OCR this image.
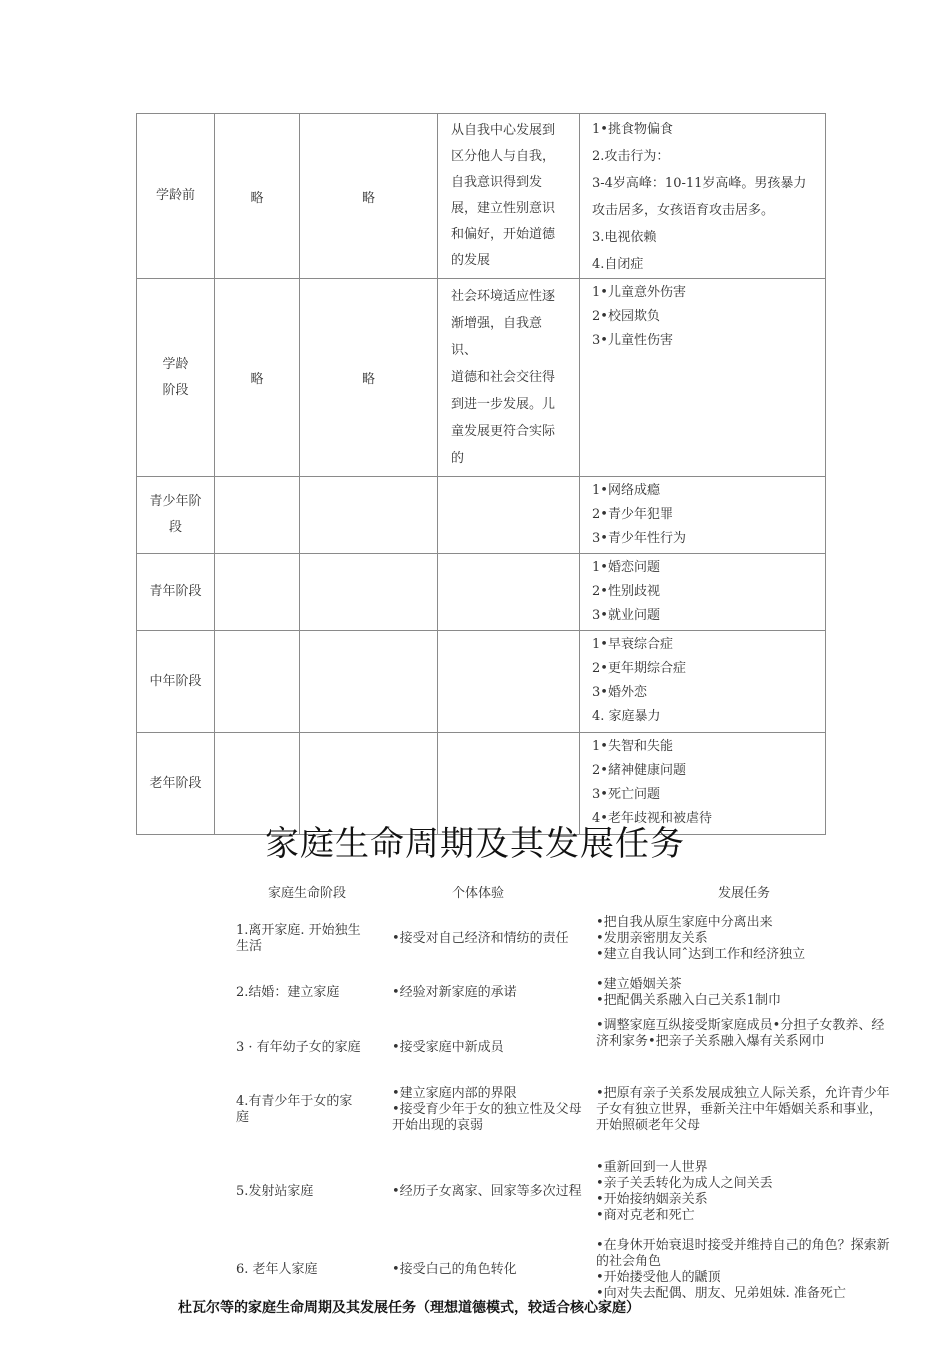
学龄前	略	略	从自我中心发展到区分他人与自我，自我意识得到发展，建立性别意识和偏好，开始道德的发展	1•挑食物偏食
2.攻击行为：
3-4岁高峰：10-11岁高峰。男孩暴力攻击居多，女孩语育攻击居多。
3.电视依赖
4.自闭症

学龄
阶段	略	略	社会环境适应性逐渐增强，自我意识、
道德和社会交往得到进一步发展。儿童发展更符合实际的	1•儿童意外伤害
2•校园欺负
3•儿童性伤害

青少年阶
段				1•网络成瘾
2•青少年犯罪
3•青少年性行为

青年阶段				1•婚恋问题
2•性别歧视
3•就业问题

中年阶段				1•早衰综合症
2•更年期综合症
3•婚外恋
4. 家庭暴力

老年阶段				1•失智和失能
2•緒神健康问题
3•死亡问题
4•老年歧视和被虐待
家庭生命周期及其发展任务
家庭生命阶段	个体体验	发展任务
1.离开家庭. 开始独生生活	•接受对自己经济和情纺的责任	•把自我从原生家庭中分离出来
•发朋亲密朋友关系
•建立自我认同ˆ达到工作和经济独立

2.结婚：建立家庭	•经验对新家庭的承诺	•建立婚姻关茶
•把配偶关系融入白己关系1制巾

3 · 有年幼子女的家庭	•接受家庭中新成员	•调整家庭互纵接受斯家庭成员•分担子女教养、经济利家务•把亲子关系融入爆有关系网巾

4.有青少年于女的家庭	•建立家庭内部的界限
•接受育少年于女的独立性及父母开始出现的哀弱	•把原有亲子关系发展成独立人际关系，允许青少年子女有独立世界，垂新关注中年婚姻关系和事业，开始照硕老年父母

5.发射站家庭	•经历子女离家、回家等多次过程	•重新回到一人世界
•亲子关丢转化为成人之间关丢
•开始接纳姻亲关系
•商对克老和死亡

6. 老年人家庭	•接受白己的角色转化	•在身休开始衰退时接受并维持自己的角色？探索新的社会角色
•开始搂受他人的鼶顶
•向对失去配偶、朋友、兄弟姐妹. 准备死亡

杜瓦尔等的家庭生命周期及其发展任务（理想道德模式，较适合核心家庭）
